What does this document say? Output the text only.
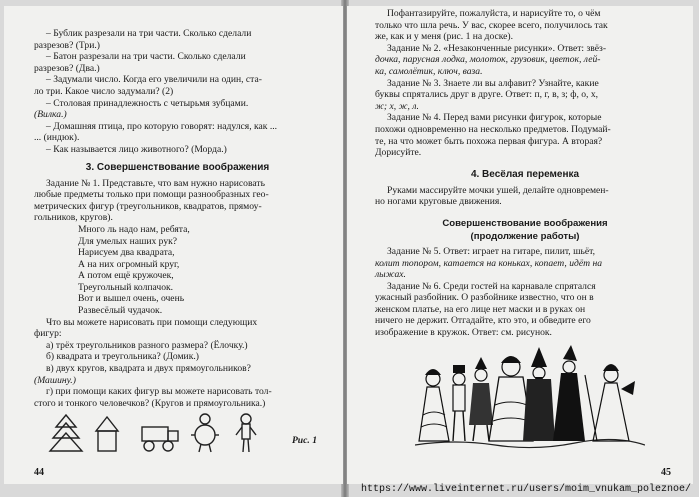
– Бублик разрезали на три части. Сколько сделали
разрезов? (Три.)
– Батон разрезали на три части. Сколько сделали
разрезов? (Два.)
– Задумали число. Когда его увеличили на один, ста-
ло три. Какое число задумали? (2)
– Столовая принадлежность с четырьмя зубцами.
(Вилка.)
– Домашняя птица, про которую говорят: надулся, как ...
... (индюк).
– Как называется лицо животного? (Морда.)
3. Совершенствование воображения
Задание № 1. Представьте, что вам нужно нарисовать
любые предметы только при помощи разнообразных гео-
метрических фигур (треугольников, квадратов, прямоу-
гольников, кругов).
Много ль надо нам, ребята,
Для умелых наших рук?
Нарисуем два квадрата,
А на них огромный круг,
А потом ещё кружочек,
Треугольный колпачок.
Вот и вышел очень, очень
Развесёлый чудачок.
Что вы можете нарисовать при помощи следующих
фигур:
а) трёх треугольников разного размера? (Ёлочку.)
б) квадрата и треугольника? (Домик.)
в) двух кругов, квадрата и двух прямоугольников?
(Машину.)
г) при помощи каких фигур вы можете нарисовать тол-
стого и тонкого человечков? (Кругов и прямоугольника.)
Рис. 1
44
Пофантазируйте, пожалуйста, и нарисуйте то, о чём
только что шла речь. У вас, скорее всего, получилось так
же, как и у меня (рис. 1 на доске).
Задание № 2. «Незаконченные рисунки». Ответ: звёз-
дочка, парусная лодка, молоток, грузовик, цветок, лей-
ка, самолётик, ключ, ваза.
Задание № 3. Знаете ли вы алфавит? Узнайте, какие
буквы спрятались друг в друге. Ответ: п, г, в, з; ф, о, х,
ж; х, ж, л.
Задание № 4. Перед вами рисунки фигурок, которые
похожи одновременно на несколько предметов. Подумай-
те, на что может быть похожа первая фигура. А вторая?
Дорисуйте.
4. Весёлая переменка
Руками массируйте мочки ушей, делайте одновремен-
но ногами круговые движения.
Совершенствование воображения
(продолжение работы)
Задание № 5. Ответ: играет на гитаре, пилит, шьёт,
колит топором, катается на коньках, копает, идёт на
лыжах.
Задание № 6. Среди гостей на карнавале спрятался
ужасный разбойник. О разбойнике известно, что он в
женском платье, на его лице нет маски и в руках он
ничего не держит. Отгадайте, кто это, и обведите его
изображение в кружок. Ответ: см. рисунок.
45
https://www.liveinternet.ru/users/moim_vnukam_poleznoe/
